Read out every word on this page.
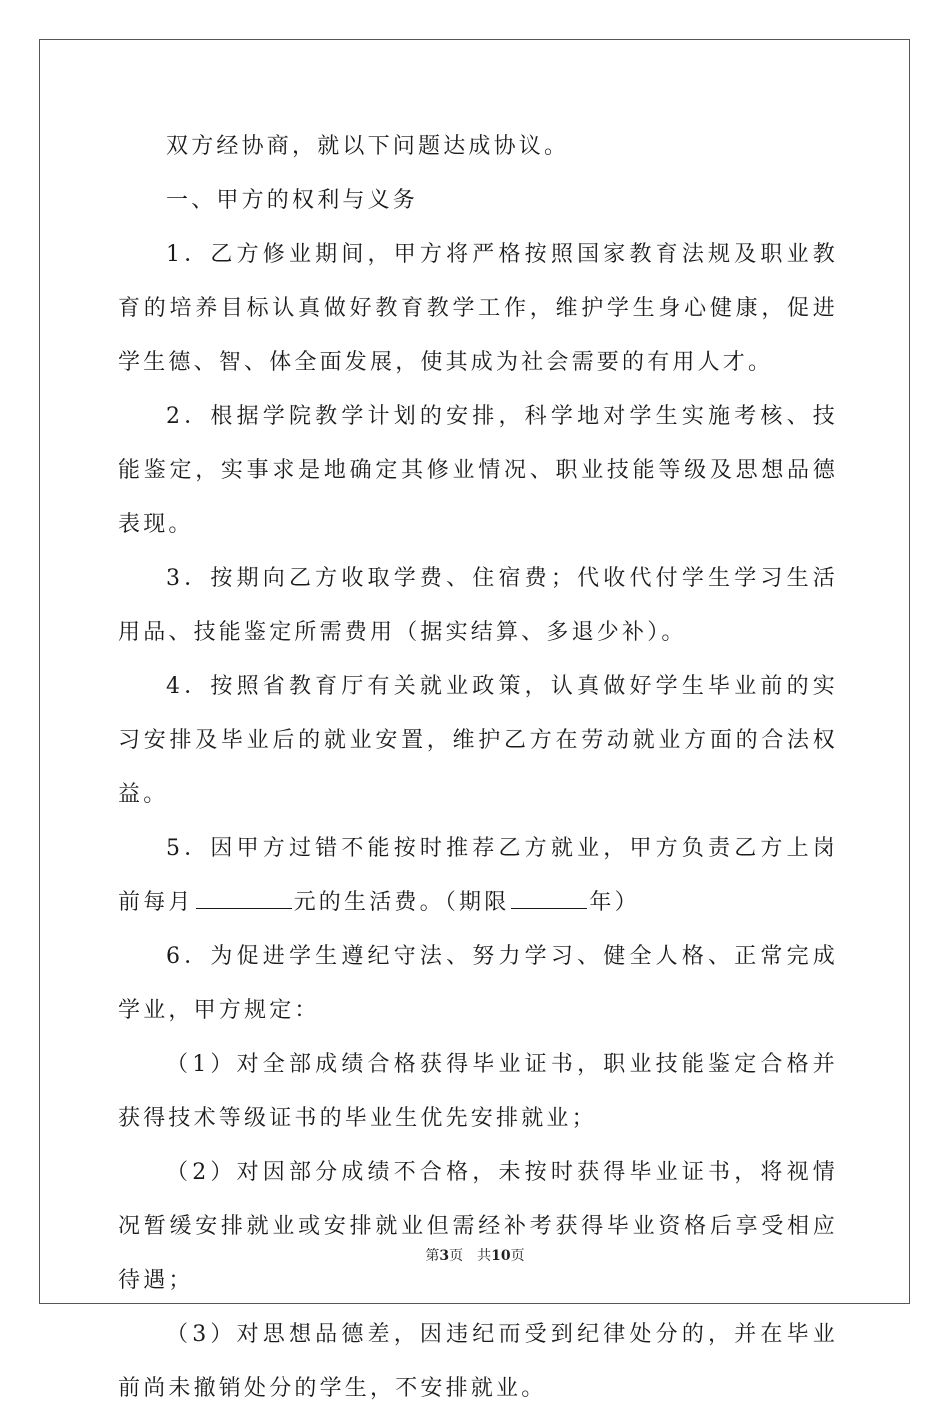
双方经协商，就以下问题达成协议。

一、甲方的权利与义务

1．乙方修业期间，甲方将严格按照国家教育法规及职业教育的培养目标认真做好教育教学工作，维护学生身心健康，促进学生德、智、体全面发展，使其成为社会需要的有用人才。

2．根据学院教学计划的安排，科学地对学生实施考核、技能鉴定，实事求是地确定其修业情况、职业技能等级及思想品德表现。

3．按期向乙方收取学费、住宿费；代收代付学生学习生活用品、技能鉴定所需费用（据实结算、多退少补）。

4．按照省教育厅有关就业政策，认真做好学生毕业前的实习安排及毕业后的就业安置，维护乙方在劳动就业方面的合法权益。

5．因甲方过错不能按时推荐乙方就业，甲方负责乙方上岗前每月	元的生活费。（期限	年）

6．为促进学生遵纪守法、努力学习、健全人格、正常完成学业，甲方规定：

（1）对全部成绩合格获得毕业证书，职业技能鉴定合格并获得技术等级证书的毕业生优先安排就业；

（2）对因部分成绩不合格，未按时获得毕业证书，将视情况暂缓安排就业或安排就业但需经补考获得毕业资格后享受相应待遇；

（3）对思想品德差，因违纪而受到纪律处分的，并在毕业前尚未撤销处分的学生，不安排就业。

第3页 共10页
